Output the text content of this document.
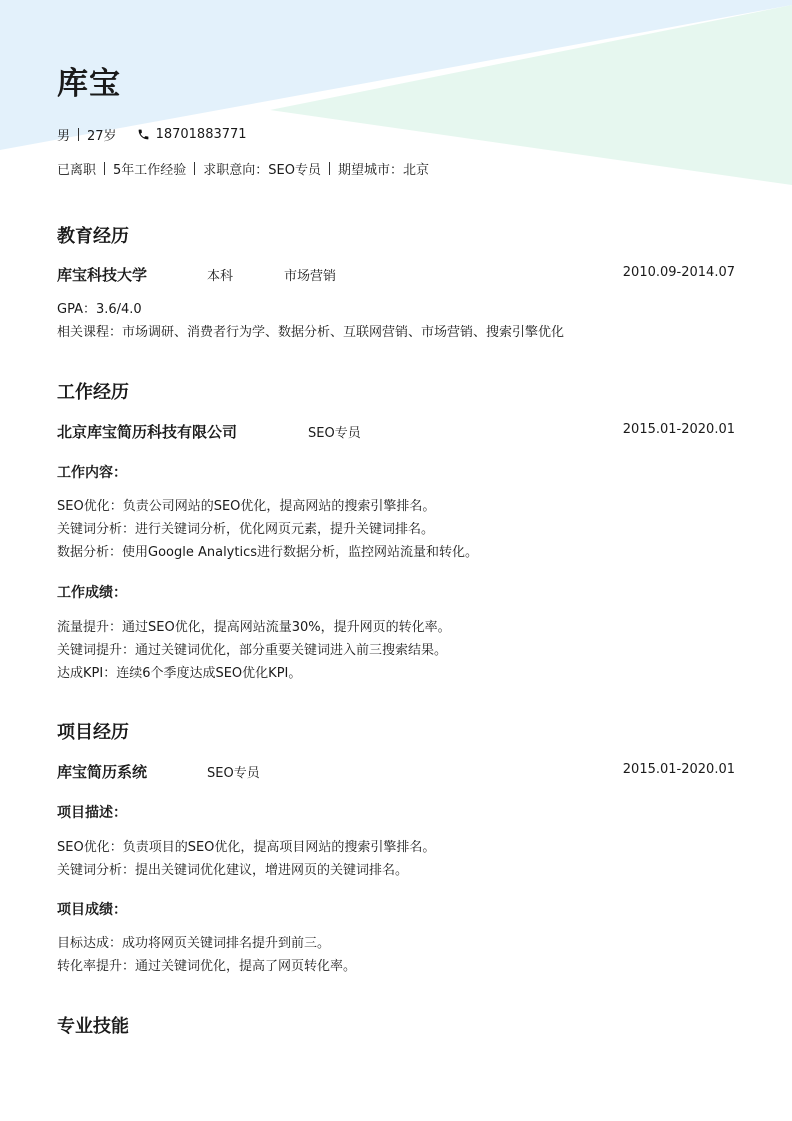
库宝
男 27岁	18701883771
已离职 5年工作经验 求职意向：SEO专员 期望城市：北京
教育经历
库宝科技大学	本科	市场营销	2010.09-2014.07
GPA：3.6/4.0
相关课程：市场调研、消费者行为学、数据分析、互联网营销、市场营销、搜索引擎优化
工作经历
北京库宝简历科技有限公司	SEO专员	2015.01-2020.01
工作内容：
SEO优化：负责公司网站的SEO优化，提高网站的搜索引擎排名。
关键词分析：进行关键词分析，优化网页元素，提升关键词排名。
数据分析：使用Google Analytics进行数据分析，监控网站流量和转化。
工作成绩：
流量提升：通过SEO优化，提高网站流量30%，提升网页的转化率。
关键词提升：通过关键词优化，部分重要关键词进入前三搜索结果。
达成KPI：连续6个季度达成SEO优化KPI。
项目经历
库宝简历系统	SEO专员	2015.01-2020.01
项目描述：
SEO优化：负责项目的SEO优化，提高项目网站的搜索引擎排名。
关键词分析：提出关键词优化建议，增进网页的关键词排名。
项目成绩：
目标达成：成功将网页关键词排名提升到前三。
转化率提升：通过关键词优化，提高了网页转化率。
专业技能
